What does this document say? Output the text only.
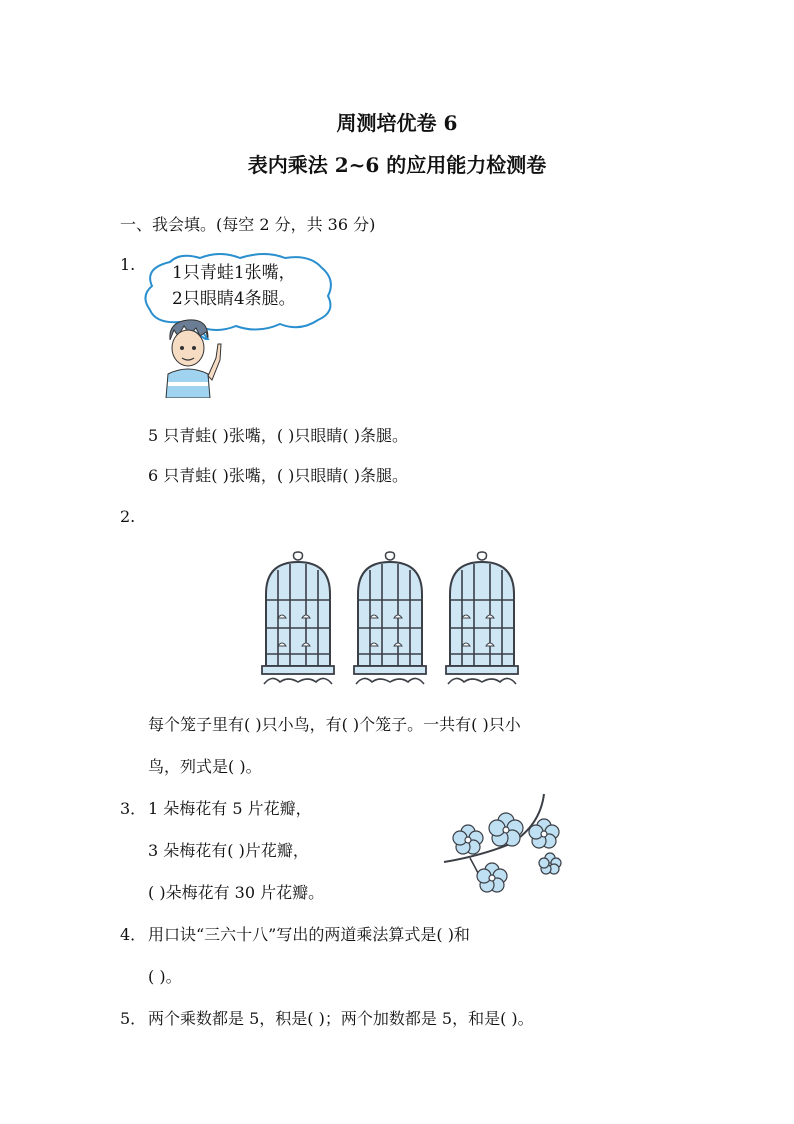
周测培优卷 6
表内乘法 2~6 的应用能力检测卷
一、我会填。(每空 2 分，共 36 分)
1. 1只青蛙1张嘴，
2只眼睛4条腿。
5 只青蛙( )张嘴，( )只眼睛( )条腿。
6 只青蛙( )张嘴，( )只眼睛( )条腿。
2.
每个笼子里有( )只小鸟，有( )个笼子。一共有( )只小
鸟，列式是( )。
3． 1 朵梅花有 5 片花瓣，
3 朵梅花有( )片花瓣，
( )朵梅花有 30 片花瓣。
4． 用口诀“三六十八”写出的两道乘法算式是( )和
( )。
5． 两个乘数都是 5，积是( )；两个加数都是 5，和是( )。
